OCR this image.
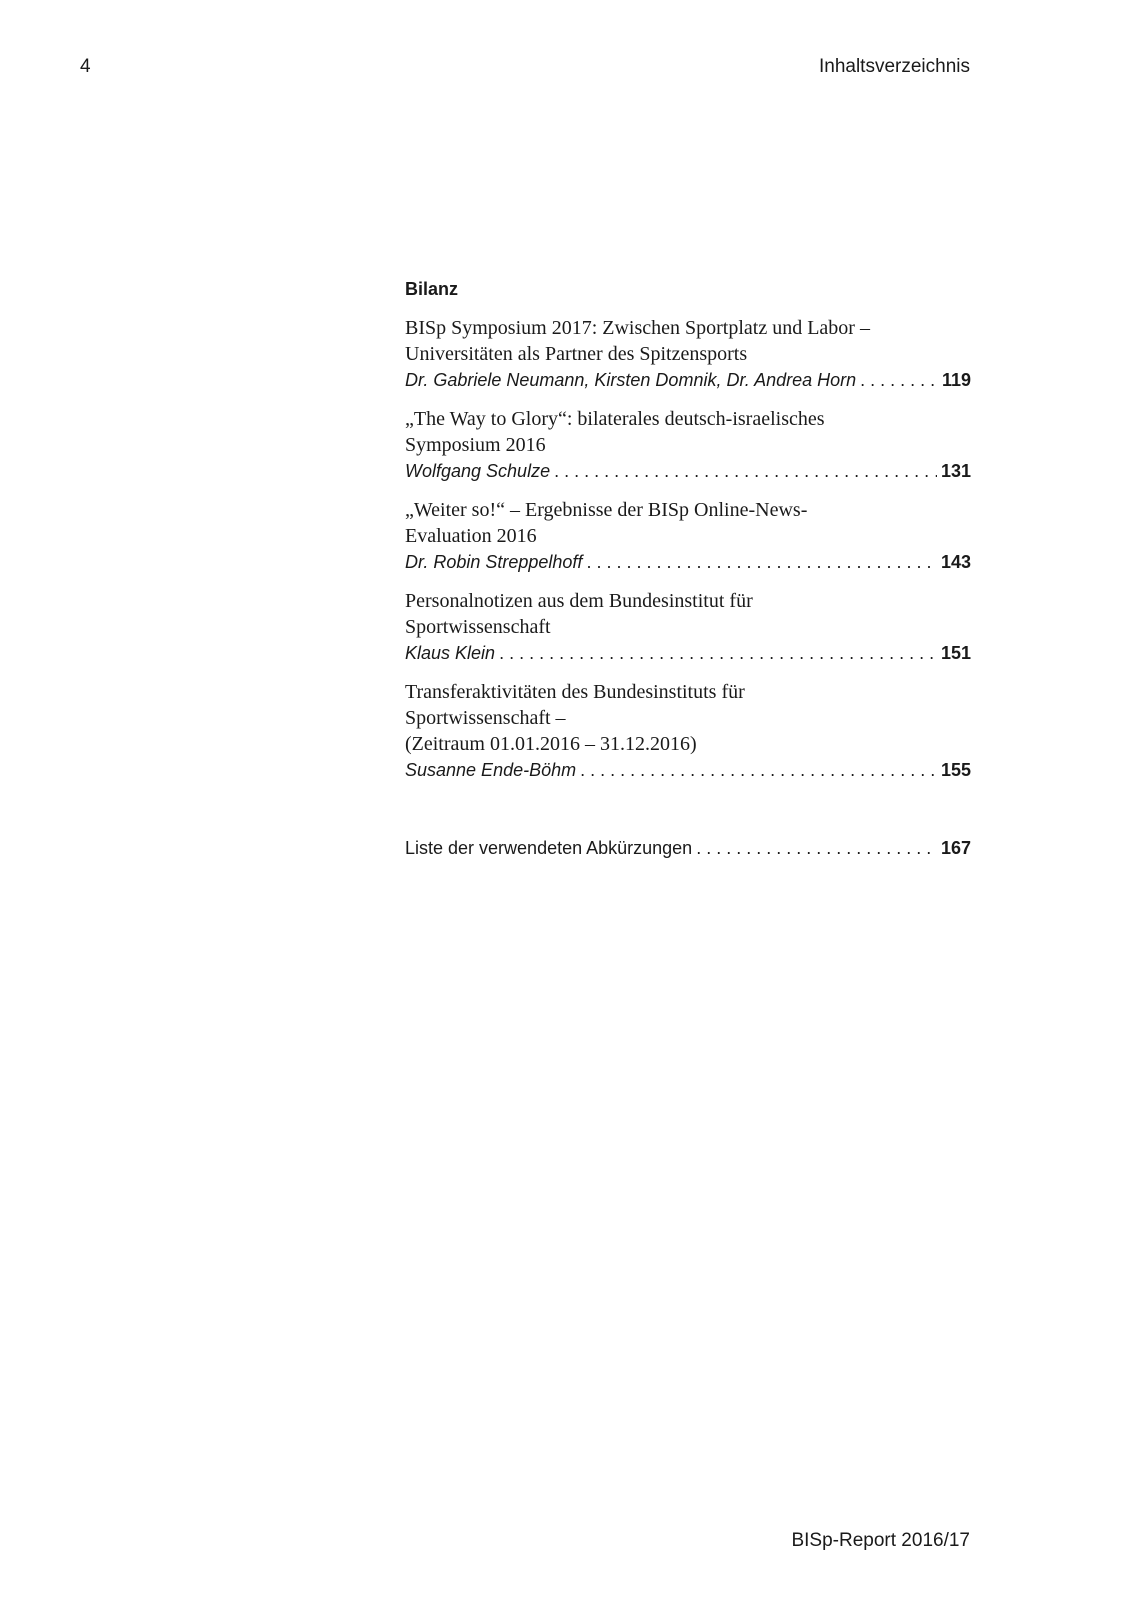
4	Inhaltsverzeichnis
Bilanz
BISp Symposium 2017: Zwischen Sportplatz und Labor –
Universitäten als Partner des Spitzensports
Dr. Gabriele Neumann, Kirsten Domnik, Dr. Andrea Horn . . .	119
„The Way to Glory“: bilaterales deutsch-israelisches
Symposium 2016
Wolfgang Schulze . . .	131
„Weiter so!“ – Ergebnisse der BISp Online-News-
Evaluation 2016
Dr. Robin Streppelhoff . . .	143
Personalnotizen aus dem Bundesinstitut für
Sportwissenschaft
Klaus Klein . . .	151
Transferaktivitäten des Bundesinstituts für
Sportwissenschaft –
(Zeitraum 01.01.2016 – 31.12.2016)
Susanne Ende-Böhm . . .	155
Liste der verwendeten Abkürzungen . . .	167
BISp-Report 2016/17
